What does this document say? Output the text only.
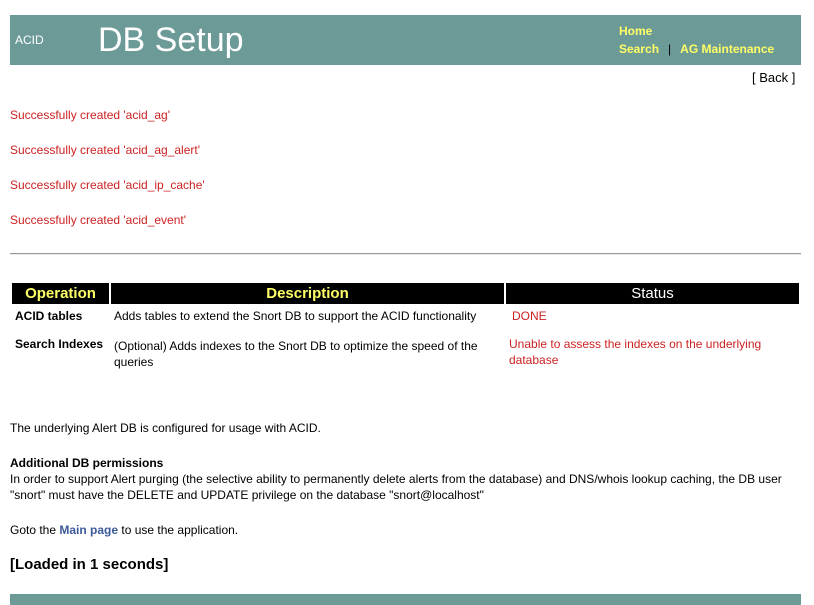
ACID DB Setup	Home
Search | AG Maintenance
[ Back ]
Successfully created 'acid_ag'
Successfully created 'acid_ag_alert'
Successfully created 'acid_ip_cache'
Successfully created 'acid_event'
Operation	Description	Status
ACID tables	Adds tables to extend the Snort DB to support the ACID functionality	DONE
Search Indexes	(Optional) Adds indexes to the Snort DB to optimize the speed of the queries	Unable to assess the indexes on the underlying database
The underlying Alert DB is configured for usage with ACID.
Additional DB permissions
In order to support Alert purging (the selective ability to permanently delete alerts from the database) and DNS/whois lookup caching, the DB user "snort" must have the DELETE and UPDATE privilege on the database "snort@localhost"
Goto the Main page to use the application.
[Loaded in 1 seconds]
